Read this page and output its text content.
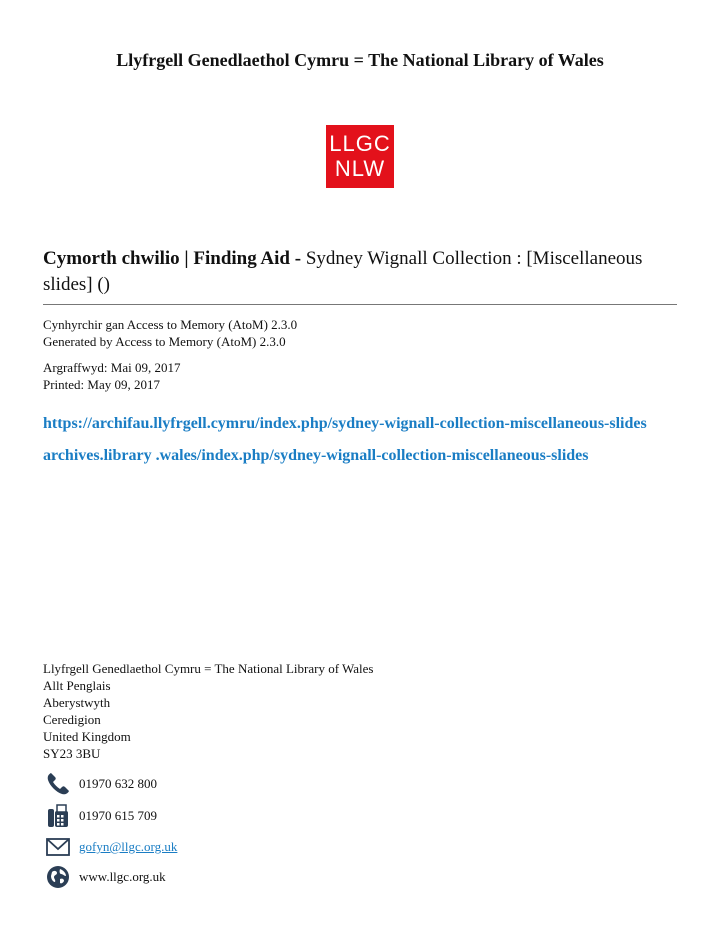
Llyfrgell Genedlaethol Cymru = The National Library of Wales
LLGC
NLW
Cymorth chwilio | Finding Aid - Sydney Wignall Collection : [Miscellaneous slides] ()
Cynhyrchir gan Access to Memory (AtoM) 2.3.0
Generated by Access to Memory (AtoM) 2.3.0
Argraffwyd: Mai 09, 2017
Printed: May 09, 2017
https://archifau.llyfrgell.cymru/index.php/sydney-wignall-collection-miscellaneous-slides
archives.library .wales/index.php/sydney-wignall-collection-miscellaneous-slides
Llyfrgell Genedlaethol Cymru = The National Library of Wales
Allt Penglais
Aberystwyth
Ceredigion
United Kingdom
SY23 3BU
01970 632 800
01970 615 709
gofyn@llgc.org.uk
www.llgc.org.uk
